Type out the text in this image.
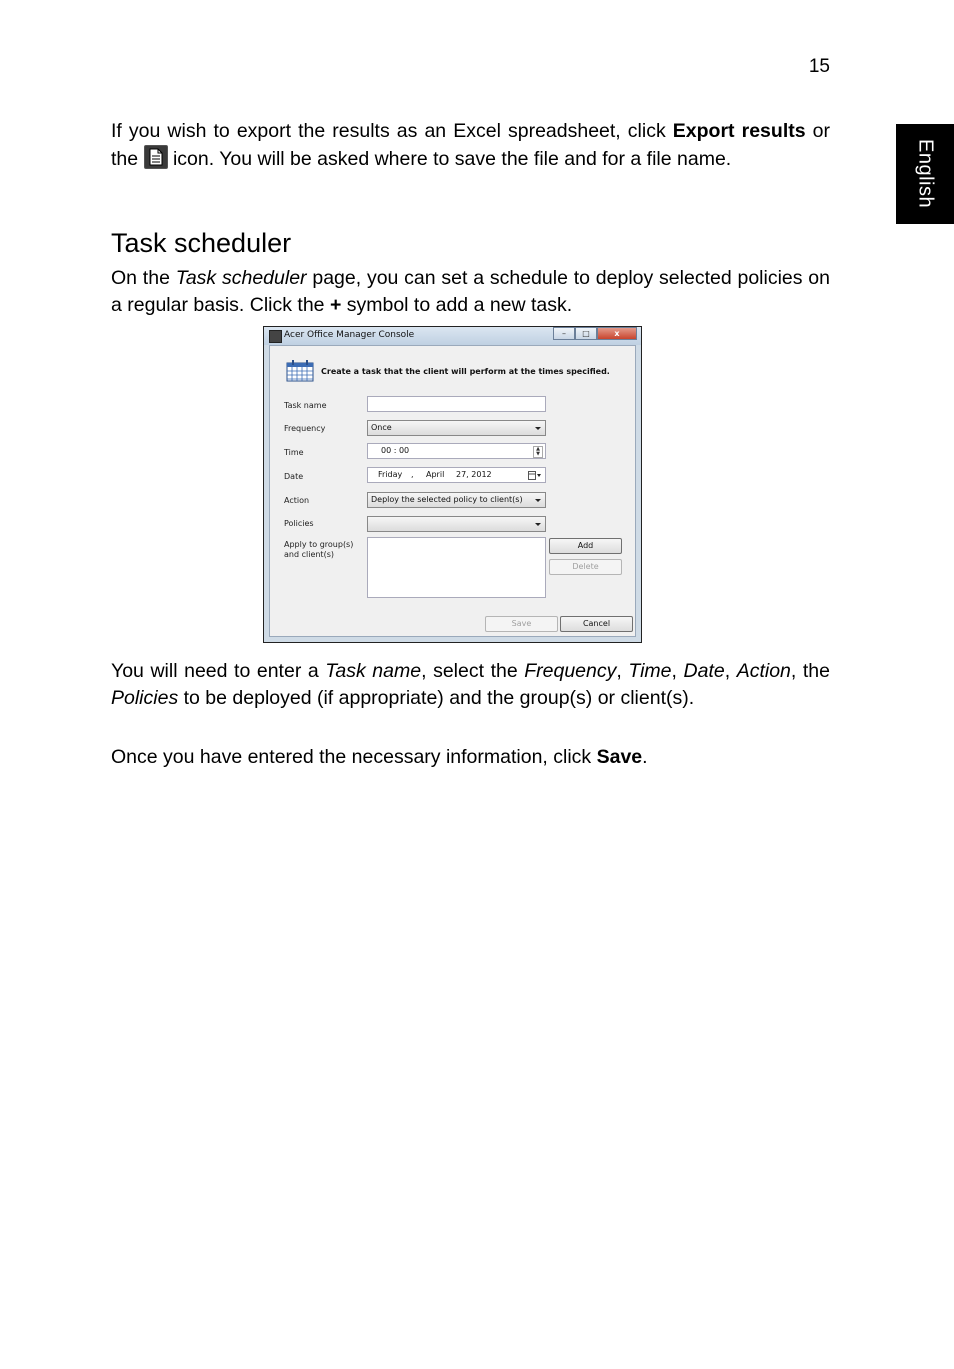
15
English

If you wish to export the results as an Excel spreadsheet, click Export results or the
icon. You will be asked where to save the file and for a file name.

Task scheduler

On the Task scheduler page, you can set a schedule to deploy selected policies on a regular basis. Click the + symbol to add a new task.

Acer Office Manager Console	–	□	x
Create a task that the client will perform at the times specified.
Task name
Frequency	Once
Time	00 : 00	▲
▼
Date	Friday , April 27, 2012
Action	Deploy the selected policy to client(s)
Policies
Apply to group(s)
and client(s)
Add
Delete
Save	Cancel

You will need to enter a Task name, select the Frequency, Time, Date, Action, the Policies to be deployed (if appropriate) and the group(s) or client(s).

Once you have entered the necessary information, click Save.
